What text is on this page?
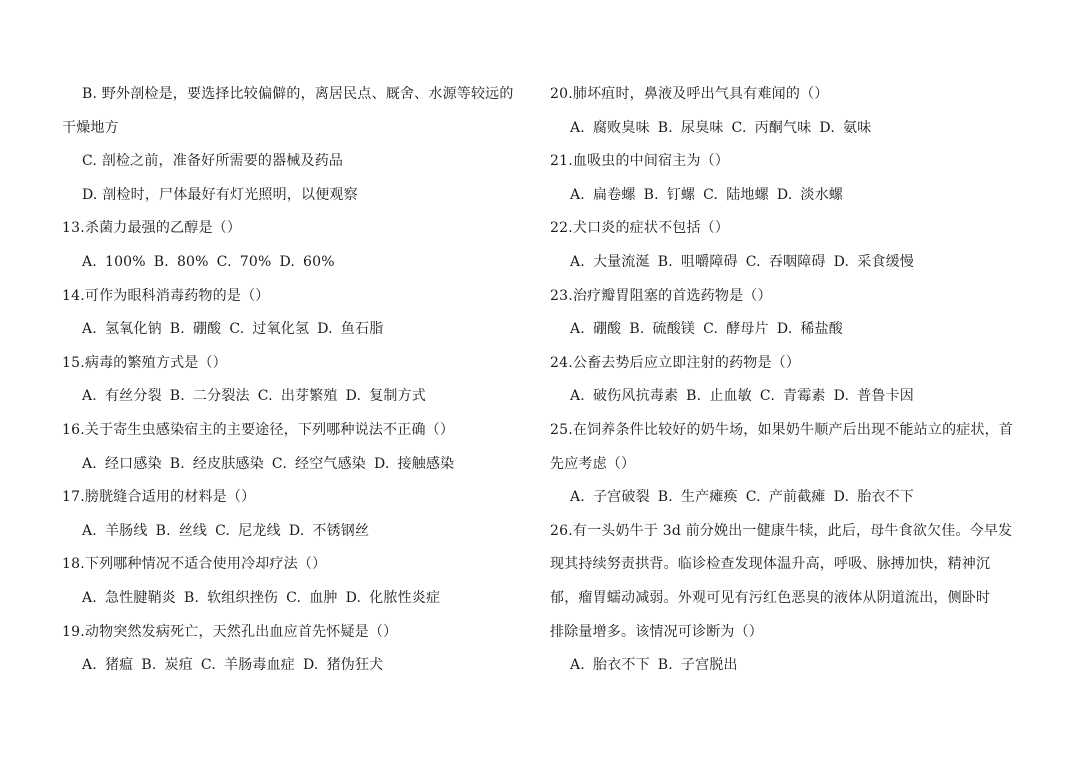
B. 野外剖检是，要选择比较偏僻的，离居民点、厩舍、水源等较远的
干燥地方
C. 剖检之前，准备好所需要的器械及药品
D. 剖检时，尸体最好有灯光照明，以便观察
13.杀菌力最强的乙醇是（）
A. 100% B. 80% C. 70% D. 60%
14.可作为眼科消毒药物的是（）
A. 氢氧化钠 B. 硼酸 C. 过氧化氢 D. 鱼石脂
15.病毒的繁殖方式是（）
A. 有丝分裂 B. 二分裂法 C. 出芽繁殖 D. 复制方式
16.关于寄生虫感染宿主的主要途径，下列哪种说法不正确（）
A. 经口感染 B. 经皮肤感染 C. 经空气感染 D. 接触感染
17.膀胱缝合适用的材料是（）
A. 羊肠线 B. 丝线 C. 尼龙线 D. 不锈钢丝
18.下列哪种情况不适合使用冷却疗法（）
A. 急性腱鞘炎 B. 软组织挫伤 C. 血肿 D. 化脓性炎症
19.动物突然发病死亡，天然孔出血应首先怀疑是（）
A. 猪瘟 B. 炭疽 C. 羊肠毒血症 D. 猪伪狂犬
20.肺坏疽时，鼻液及呼出气具有难闻的（）
A. 腐败臭味 B. 尿臭味 C. 丙酮气味 D. 氨味
21.血吸虫的中间宿主为（）
A. 扁卷螺 B. 钉螺 C. 陆地螺 D. 淡水螺
22.犬口炎的症状不包括（）
A. 大量流涎 B. 咀嚼障碍 C. 吞咽障碍 D. 采食缓慢
23.治疗瓣胃阻塞的首选药物是（）
A. 硼酸 B. 硫酸镁 C. 酵母片 D. 稀盐酸
24.公畜去势后应立即注射的药物是（）
A. 破伤风抗毒素 B. 止血敏 C. 青霉素 D. 普鲁卡因
25.在饲养条件比较好的奶牛场，如果奶牛顺产后出现不能站立的症状，首
先应考虑（）
A. 子宫破裂 B. 生产瘫痪 C. 产前截瘫 D. 胎衣不下
26.有一头奶牛于 3d 前分娩出一健康牛犊，此后，母牛食欲欠佳。今早发
现其持续努责拱背。临诊检查发现体温升高，呼吸、脉搏加快，精神沉
郁，瘤胃蠕动减弱。外观可见有污红色恶臭的液体从阴道流出，侧卧时
排除量增多。该情况可诊断为（）
A. 胎衣不下 B. 子宫脱出
